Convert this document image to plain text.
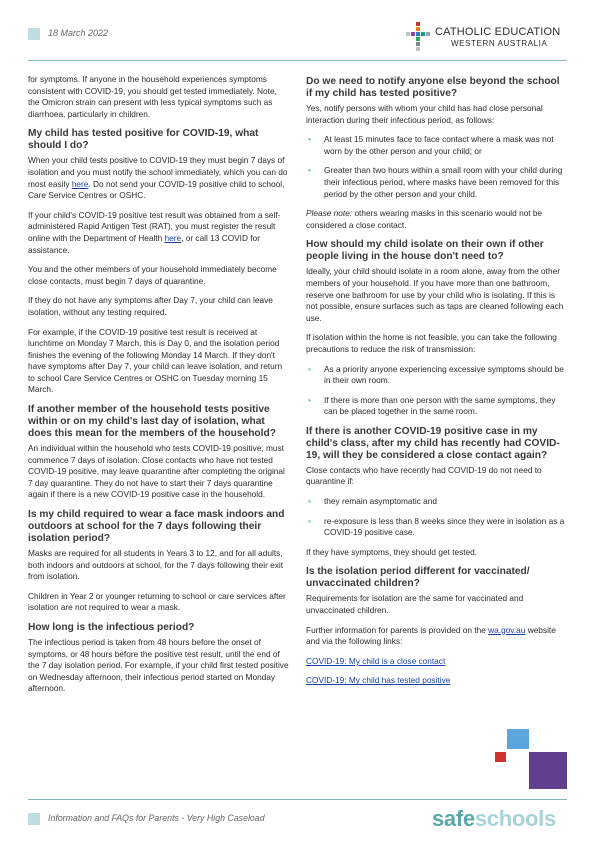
18 March 2022	CATHOLIC EDUCATION
WESTERN AUSTRALIA

for symptoms. If anyone in the household experiences symptoms consistent with COVID-19, you should get tested immediately. Note, the Omicron strain can present with less typical symptoms such as diarrhoea, particularly in children.

My child has tested positive for COVID-19, what should I do?

When your child tests positive to COVID-19 they must begin 7 days of isolation and you must notify the school immediately, which you can do most easily here. Do not send your COVID-19 positive child to school, Care Service Centres or OSHC.

If your child's COVID-19 positive test result was obtained from a self-administered Rapid Antigen Test (RAT), you must register the result online with the Department of Health here, or call 13 COVID for assistance.

You and the other members of your household immediately become close contacts, must begin 7 days of quarantine.

If they do not have any symptoms after Day 7, your child can leave isolation, without any testing required.

For example, if the COVID-19 positive test result is received at lunchtime on Monday 7 March, this is Day 0, and the isolation period finishes the evening of the following Monday 14 March. If they don't have symptoms after Day 7, your child can leave isolation, and return to school Care Service Centres or OSHC on Tuesday morning 15 March.

If another member of the household tests positive within or on my child's last day of isolation, what does this mean for the members of the household?

An individual within the household who tests COVID-19 positive, must commence 7 days of isolation. Close contacts who have not tested COVID-19 positive, may leave quarantine after completing the original 7 day quarantine. They do not have to start their 7 days quarantine again if there is a new COVID-19 positive case in the household.

Is my child required to wear a face mask indoors and outdoors at school for the 7 days following their isolation period?

Masks are required for all students in Years 3 to 12, and for all adults, both indoors and outdoors at school, for the 7 days following their exit from isolation.

Children in Year 2 or younger returning to school or care services after isolation are not required to wear a mask.

How long is the infectious period?

The infectious period is taken from 48 hours before the onset of symptoms, or 48 hours before the positive test result, until the end of the 7 day isolation period. For example, if your child first tested positive on Wednesday afternoon, their infectious period started on Monday afternoon.

Do we need to notify anyone else beyond the school if my child has tested positive?

Yes, notify persons with whom your child has had close personal interaction during their infectious period, as follows:

• At least 15 minutes face to face contact where a mask was not worn by the other person and your child; or
• Greater than two hours within a small room with your child during their infectious period, where masks have been removed for this period by the other person and your child.

Please note: others wearing masks in this scenario would not be considered a close contact.

How should my child isolate on their own if other people living in the house don't need to?

Ideally, your child should isolate in a room alone, away from the other members of your household. If you have more than one bathroom, reserve one bathroom for use by your child who is isolating. If this is not possible, ensure surfaces such as taps are cleaned following each use.

If isolation within the home is not feasible, you can take the following precautions to reduce the risk of transmission:

• As a priority anyone experiencing excessive symptoms should be in their own room.
• If there is more than one person with the same symptoms, they can be placed together in the same room.
If there is another COVID-19 positive case in my child's class, after my child has recently had COVID-19, will they be considered a close contact again?

Close contacts who have recently had COVID-19 do not need to quarantine if:

• they remain asymptomatic and
• re-exposure is less than 8 weeks since they were in isolation as a COVID-19 positive case.

If they have symptoms, they should get tested.

Is the isolation period different for vaccinated/ unvaccinated children?

Requirements for isolation are the same for vaccinated and unvaccinated children.

Further information for parents is provided on the wa.gov.au website and via the following links:

COVID-19: My child is a close contact

COVID-19: My child has tested positive

Information and FAQs for Parents - Very High Caseload	safeschools
